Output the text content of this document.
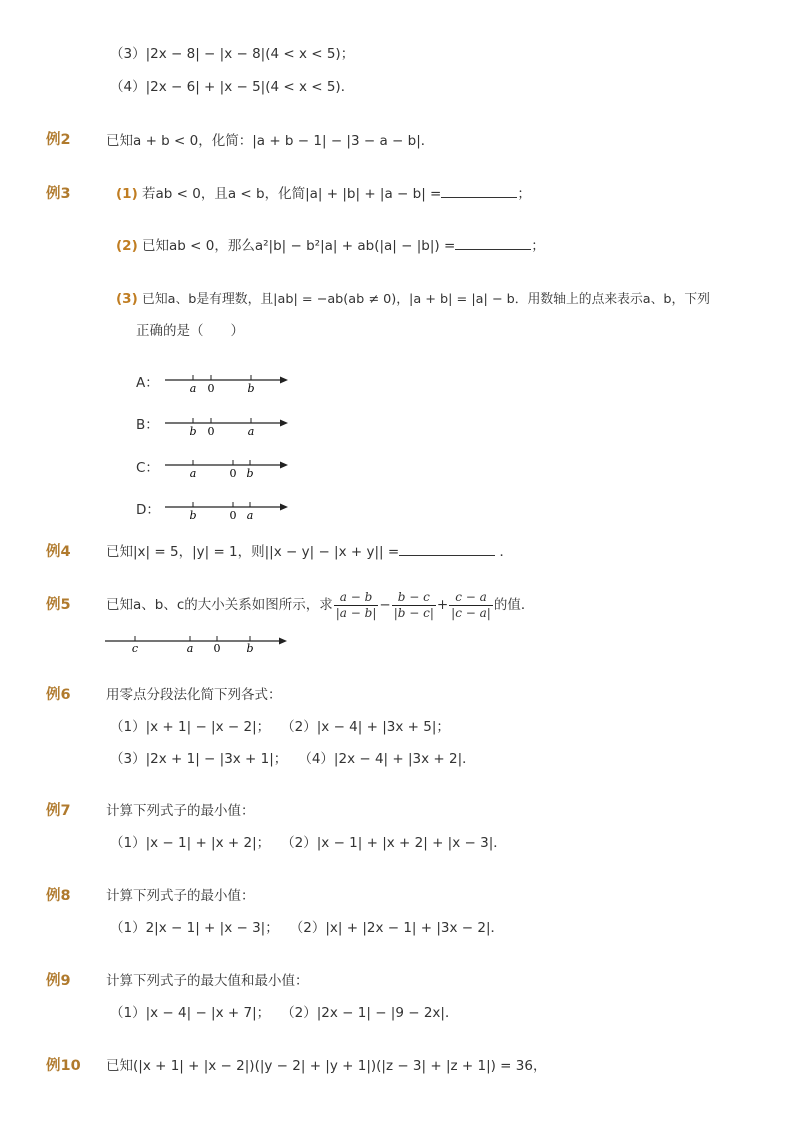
（3）|2x − 8| − |x − 8|(4 < x < 5)；
（4）|2x − 6| + |x − 5|(4 < x < 5)．
例2	已知a + b < 0，化简：|a + b − 1| − |3 − a − b|．
例3	(1) 若ab < 0，且a < b，化简|a| + |b| + |a − b| =	；
(2) 已知ab < 0，那么a²|b| − b²|a| + ab(|a| − |b|) =	；
(3) 已知a、b是有理数，且|ab| = −ab(ab ≠ 0)，|a + b| = |a| − b．用数轴上的点来表示a、b，下列
正确的是（　　）
A：	a 0	b
B：	b 0	a
C：	a	0 b
D：	b	0 a
例4	已知|x| = 5，|y| = 1，则||x − y| − |x + y|| =	．
例5	已知a、b、c的大小关系如图所示，求 $\frac{a - b}{|a - b|} - \frac{b - c}{|b - c|} + \frac{c - a}{|c - a|}$ 的值．
c	a 0 b
例6	用零点分段法化简下列各式：
（1）|x + 1| − |x − 2|；　 （2）|x − 4| + |3x + 5|；
（3）|2x + 1| − |3x + 1|；　 （4）|2x − 4| + |3x + 2|．
例7	计算下列式子的最小值：
（1）|x − 1| + |x + 2|；　 （2）|x − 1| + |x + 2| + |x − 3|．
例8	计算下列式子的最小值：
（1）2|x − 1| + |x − 3|；　 （2）|x| + |2x − 1| + |3x − 2|．
例9	计算下列式子的最大值和最小值：
（1）|x − 4| − |x + 7|；　 （2）|2x − 1| − |9 − 2x|．
例10 已知(|x + 1| + |x − 2|)(|y − 2| + |y + 1|)(|z − 3| + |z + 1|) = 36，
